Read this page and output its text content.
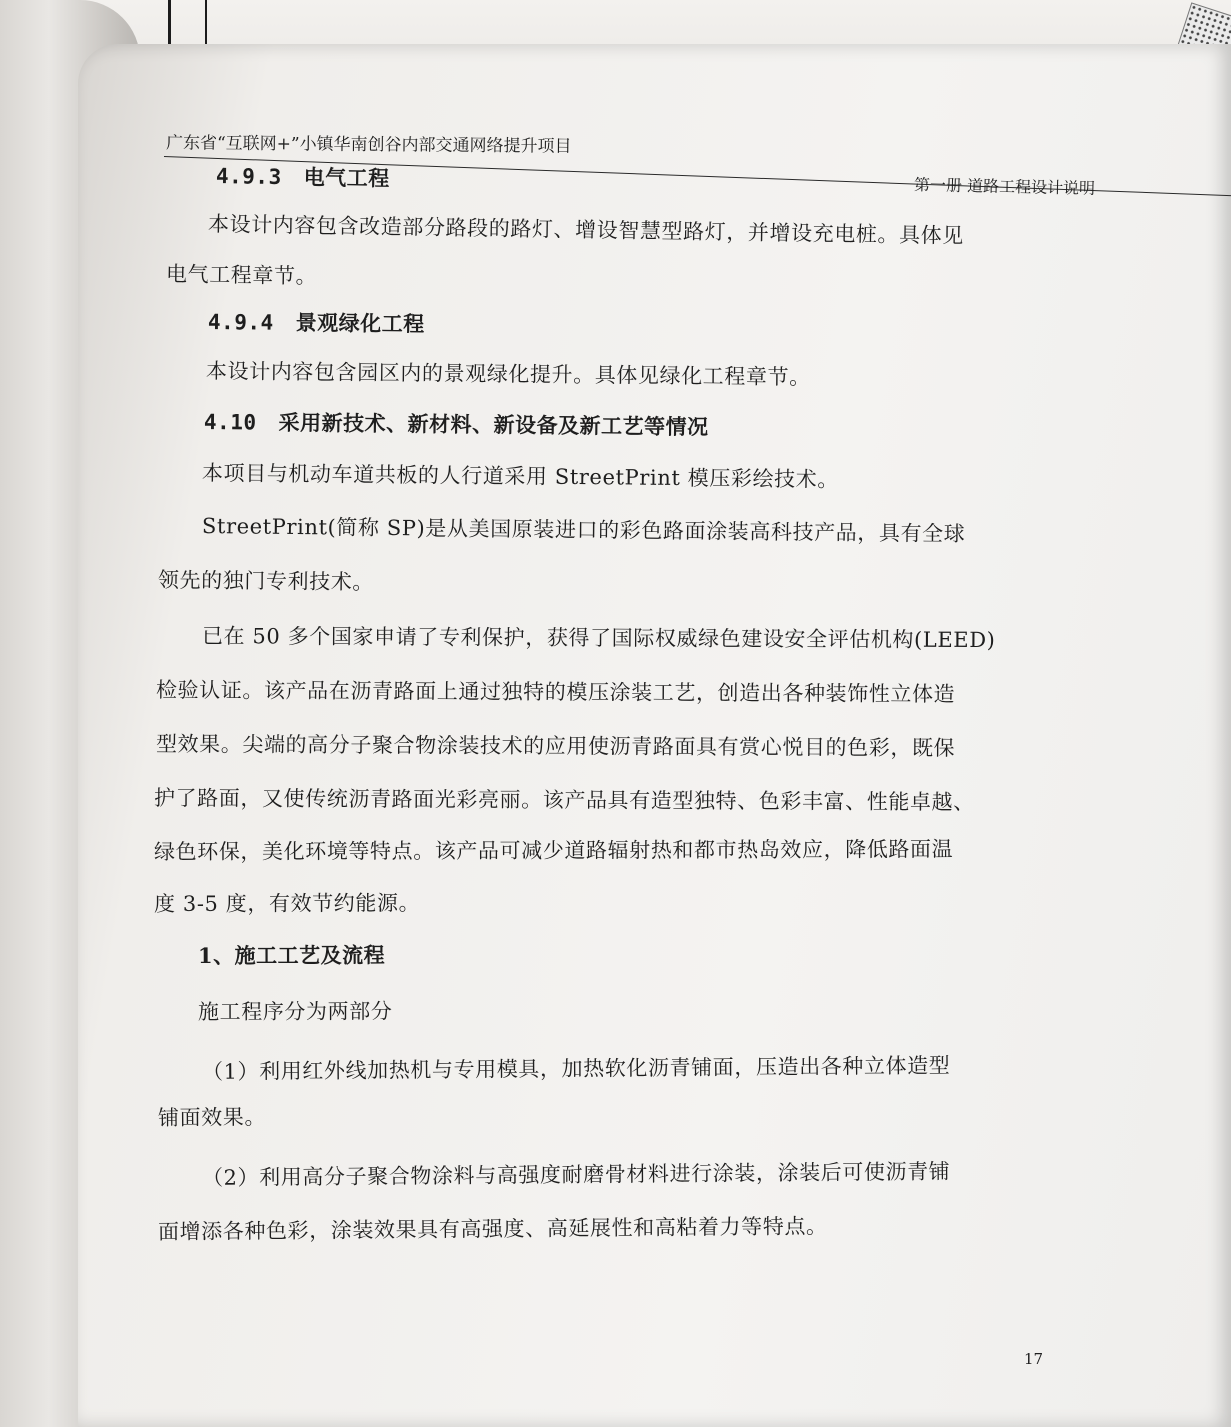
广东省“互联网+”小镇华南创谷内部交通网络提升项目
第一册 道路工程设计说明
4.9.3 电气工程
本设计内容包含改造部分路段的路灯、增设智慧型路灯，并增设充电桩。具体见
电气工程章节。
4.9.4 景观绿化工程
本设计内容包含园区内的景观绿化提升。具体见绿化工程章节。
4.10 采用新技术、新材料、新设备及新工艺等情况
本项目与机动车道共板的人行道采用 StreetPrint 模压彩绘技术。
StreetPrint(简称 SP)是从美国原装进口的彩色路面涂装高科技产品，具有全球
领先的独门专利技术。
已在 50 多个国家申请了专利保护，获得了国际权威绿色建设安全评估机构(LEED)
检验认证。该产品在沥青路面上通过独特的模压涂装工艺，创造出各种装饰性立体造
型效果。尖端的高分子聚合物涂装技术的应用使沥青路面具有赏心悦目的色彩，既保
护了路面，又使传统沥青路面光彩亮丽。该产品具有造型独特、色彩丰富、性能卓越、
绿色环保，美化环境等特点。该产品可减少道路辐射热和都市热岛效应，降低路面温
度 3-5 度，有效节约能源。
1、施工工艺及流程
施工程序分为两部分
（1）利用红外线加热机与专用模具，加热软化沥青铺面，压造出各种立体造型
铺面效果。
（2）利用高分子聚合物涂料与高强度耐磨骨材料进行涂装，涂装后可使沥青铺
面增添各种色彩，涂装效果具有高强度、高延展性和高粘着力等特点。
17
